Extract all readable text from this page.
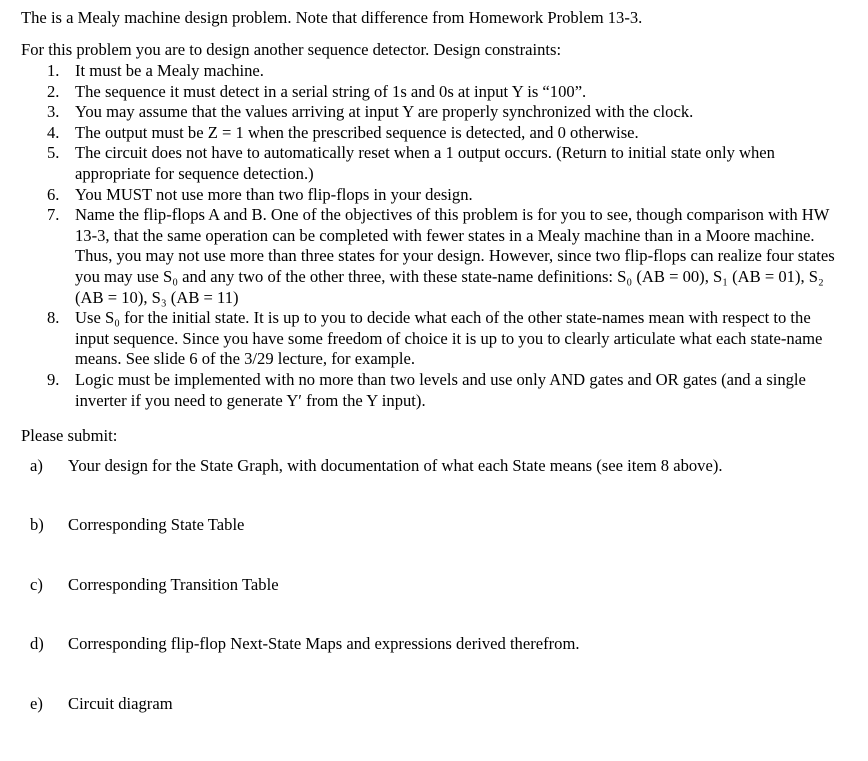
The is a Mealy machine design problem. Note that difference from Homework Problem 13-3.
For this problem you are to design another sequence detector. Design constraints:
1. It must be a Mealy machine.
2. The sequence it must detect in a serial string of 1s and 0s at input Y is “100”.
3. You may assume that the values arriving at input Y are properly synchronized with the clock.
4. The output must be Z = 1 when the prescribed sequence is detected, and 0 otherwise.
5. The circuit does not have to automatically reset when a 1 output occurs. (Return to initial state only when appropriate for sequence detection.)
6. You MUST not use more than two flip-flops in your design.
7. Name the flip-flops A and B. One of the objectives of this problem is for you to see, though comparison with HW 13-3, that the same operation can be completed with fewer states in a Mealy machine than in a Moore machine. Thus, you may not use more than three states for your design. However, since two flip-flops can realize four states you may use S₀ and any two of the other three, with these state-name definitions: S₀ (AB = 00), S₁ (AB = 01), S₂ (AB = 10), S₃ (AB = 11)
8. Use S₀ for the initial state. It is up to you to decide what each of the other state-names mean with respect to the input sequence. Since you have some freedom of choice it is up to you to clearly articulate what each state-name means. See slide 6 of the 3/29 lecture, for example.
9. Logic must be implemented with no more than two levels and use only AND gates and OR gates (and a single inverter if you need to generate Y′ from the Y input).
Please submit:
a) Your design for the State Graph, with documentation of what each State means (see item 8 above).
b) Corresponding State Table
c) Corresponding Transition Table
d) Corresponding flip-flop Next-State Maps and expressions derived therefrom.
e) Circuit diagram
